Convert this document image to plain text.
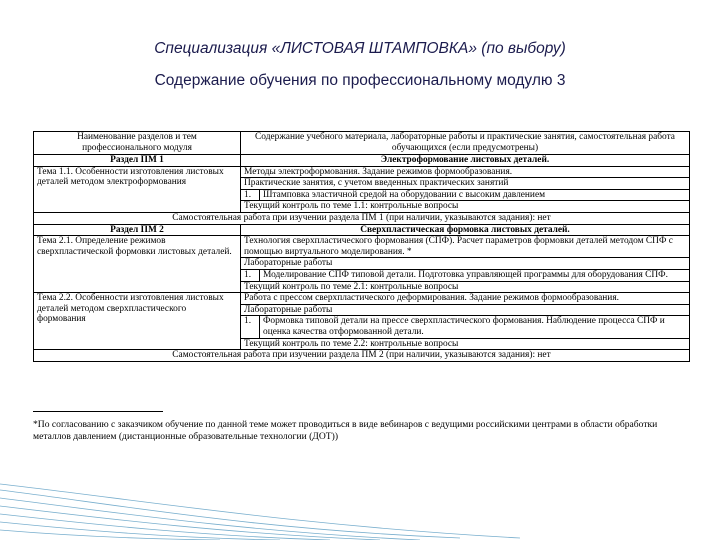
Специализация «ЛИСТОВАЯ ШТАМПОВКА» (по выбору)
Содержание обучения по профессиональному модулю 3
Наименование разделов и тем профессионального модуля	Содержание учебного материала, лабораторные работы и практические занятия, самостоятельная работа обучающихся (если предусмотрены)	
Раздел ПМ 1	Электроформование листовых деталей.	
Тема 1.1. Особенности изготовления листовых деталей методом электроформования	Методы электроформования. Задание режимов формообразования.	
	Практические занятия, с учетом введенных практических занятий	
	1.	Штамповка эластичной средой на оборудовании с высоким давлением
	Текущий контроль по теме 1.1: контрольные вопросы	
Самостоятельная работа при изучении раздела ПМ 1 (при наличии, указываются задания): нет		
Раздел ПМ 2	Сверхпластическая формовка листовых деталей.	
Тема 2.1. Определение режимов сверхпластической формовки листовых деталей.	Технология сверхпластического формования (СПФ). Расчет параметров формовки деталей методом СПФ с помощью виртуального моделирования. *	
	Лабораторные работы	
	1.	Моделирование СПФ типовой детали. Подготовка управляющей программы для оборудования СПФ.
	Текущий контроль по теме 2.1: контрольные вопросы	
Тема 2.2. Особенности изготовления листовых деталей методом сверхпластического формования	Работа с прессом сверхпластического деформирования. Задание режимов формообразования.	
	Лабораторные работы	
	1.	Формовка типовой детали на прессе сверхпластического формования. Наблюдение процесса СПФ и оценка качества отформованной детали.
	Текущий контроль по теме 2.2: контрольные вопросы	
Самостоятельная работа при изучении раздела ПМ 2 (при наличии, указываются задания): нет		
*По согласованию с заказчиком обучение по данной теме может проводиться в виде вебинаров с ведущими российскими центрами в области обработки металлов давлением (дистанционные образовательные технологии (ДОТ))
